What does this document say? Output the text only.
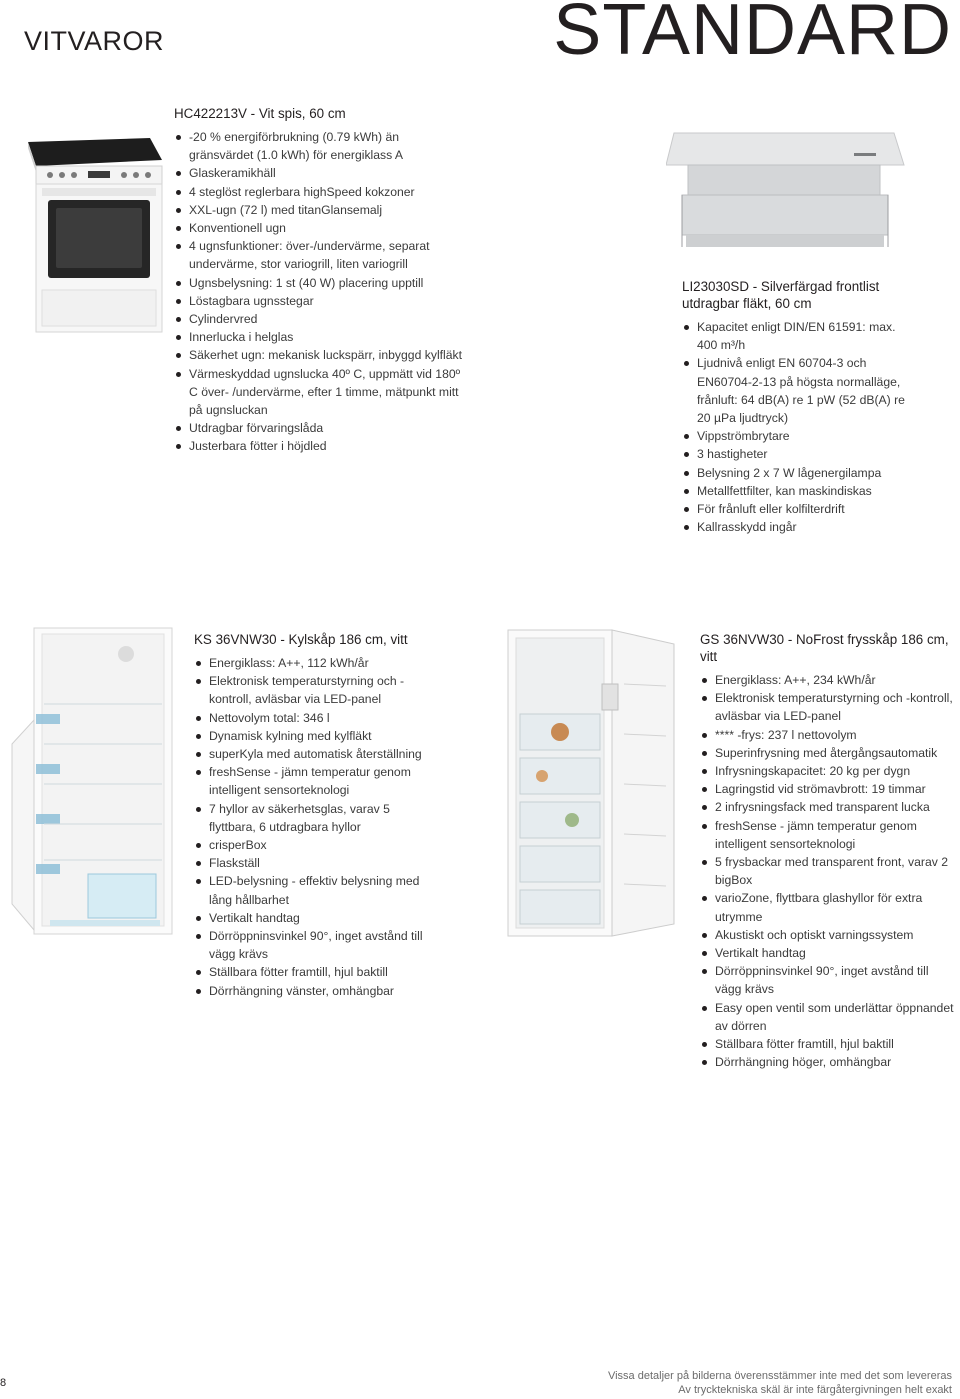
VITVAROR	STANDARD
HC422213V - Vit spis, 60 cm
-20 % energiförbrukning (0.79 kWh) än gränsvärdet (1.0 kWh) för energiklass A
Glaskeramikhäll
4 steglöst reglerbara highSpeed kokzoner
XXL-ugn (72 l) med titanGlansemalj
Konventionell ugn
4 ugnsfunktioner: över-/undervärme, separat undervärme, stor variogrill, liten variogrill
Ugnsbelysning: 1 st (40 W) placering upptill
Löstagbara ugnsstegar
Cylindervred
Innerlucka i helglas
Säkerhet ugn: mekanisk luckspärr, inbyggd kylfläkt
Värmeskyddad ugnslucka 40º C, uppmätt vid 180º C över- /undervärme, efter 1 timme, mätpunkt mitt på ugnsluckan
Utdragbar förvaringslåda
Justerbara fötter i höjdled
LI23030SD - Silverfärgad frontlist utdragbar fläkt, 60 cm
Kapacitet enligt DIN/EN 61591: max. 400 m³/h
Ljudnivå enligt EN 60704-3 och EN60704-2-13 på högsta normalläge, frånluft: 64 dB(A) re 1 pW (52 dB(A) re 20 µPa ljudtryck)
Vippströmbrytare
3 hastigheter
Belysning 2 x 7 W lågenergilampa
Metallfettfilter, kan maskindiskas
För frånluft eller kolfilterdrift
Kallrasskydd ingår
KS 36VNW30 - Kylskåp 186 cm, vitt
Energiklass: A++, 112 kWh/år
Elektronisk temperaturstyrning och -kontroll, avläsbar via LED-panel
Nettovolym total: 346 l
Dynamisk kylning med kylfläkt
superKyla med automatisk återställning
freshSense - jämn temperatur genom intelligent sensorteknologi
7 hyllor av säkerhetsglas, varav 5 flyttbara, 6 utdragbara hyllor
crisperBox
Flaskställ
LED-belysning - effektiv belysning med lång hållbarhet
Vertikalt handtag
Dörröppninsvinkel 90°, inget avstånd till vägg krävs
Ställbara fötter framtill, hjul baktill
Dörrhängning vänster, omhängbar
GS 36NVW30 - NoFrost frysskåp 186 cm, vitt
Energiklass: A++, 234 kWh/år
Elektronisk temperaturstyrning och -kontroll, avläsbar via LED-panel
**** -frys: 237 l nettovolym
Superinfrysning med återgångsautomatik
Infrysningskapacitet: 20 kg per dygn
Lagringstid vid strömavbrott: 19 timmar
2 infrysningsfack med transparent lucka
freshSense - jämn temperatur genom intelligent sensorteknologi
5 frysbackar med transparent front, varav 2 bigBox
varioZone, flyttbara glashyllor för extra utrymme
Akustiskt och optiskt varningssystem
Vertikalt handtag
Dörröppninsvinkel 90°, inget avstånd till vägg krävs
Easy open ventil som underlättar öppnandet av dörren
Ställbara fötter framtill, hjul baktill
Dörrhängning höger, omhängbar
8
Vissa detaljer på bilderna överensstämmer inte med det som levereras
Av trycktekniska skäl är inte färgåtergivningen helt exakt
